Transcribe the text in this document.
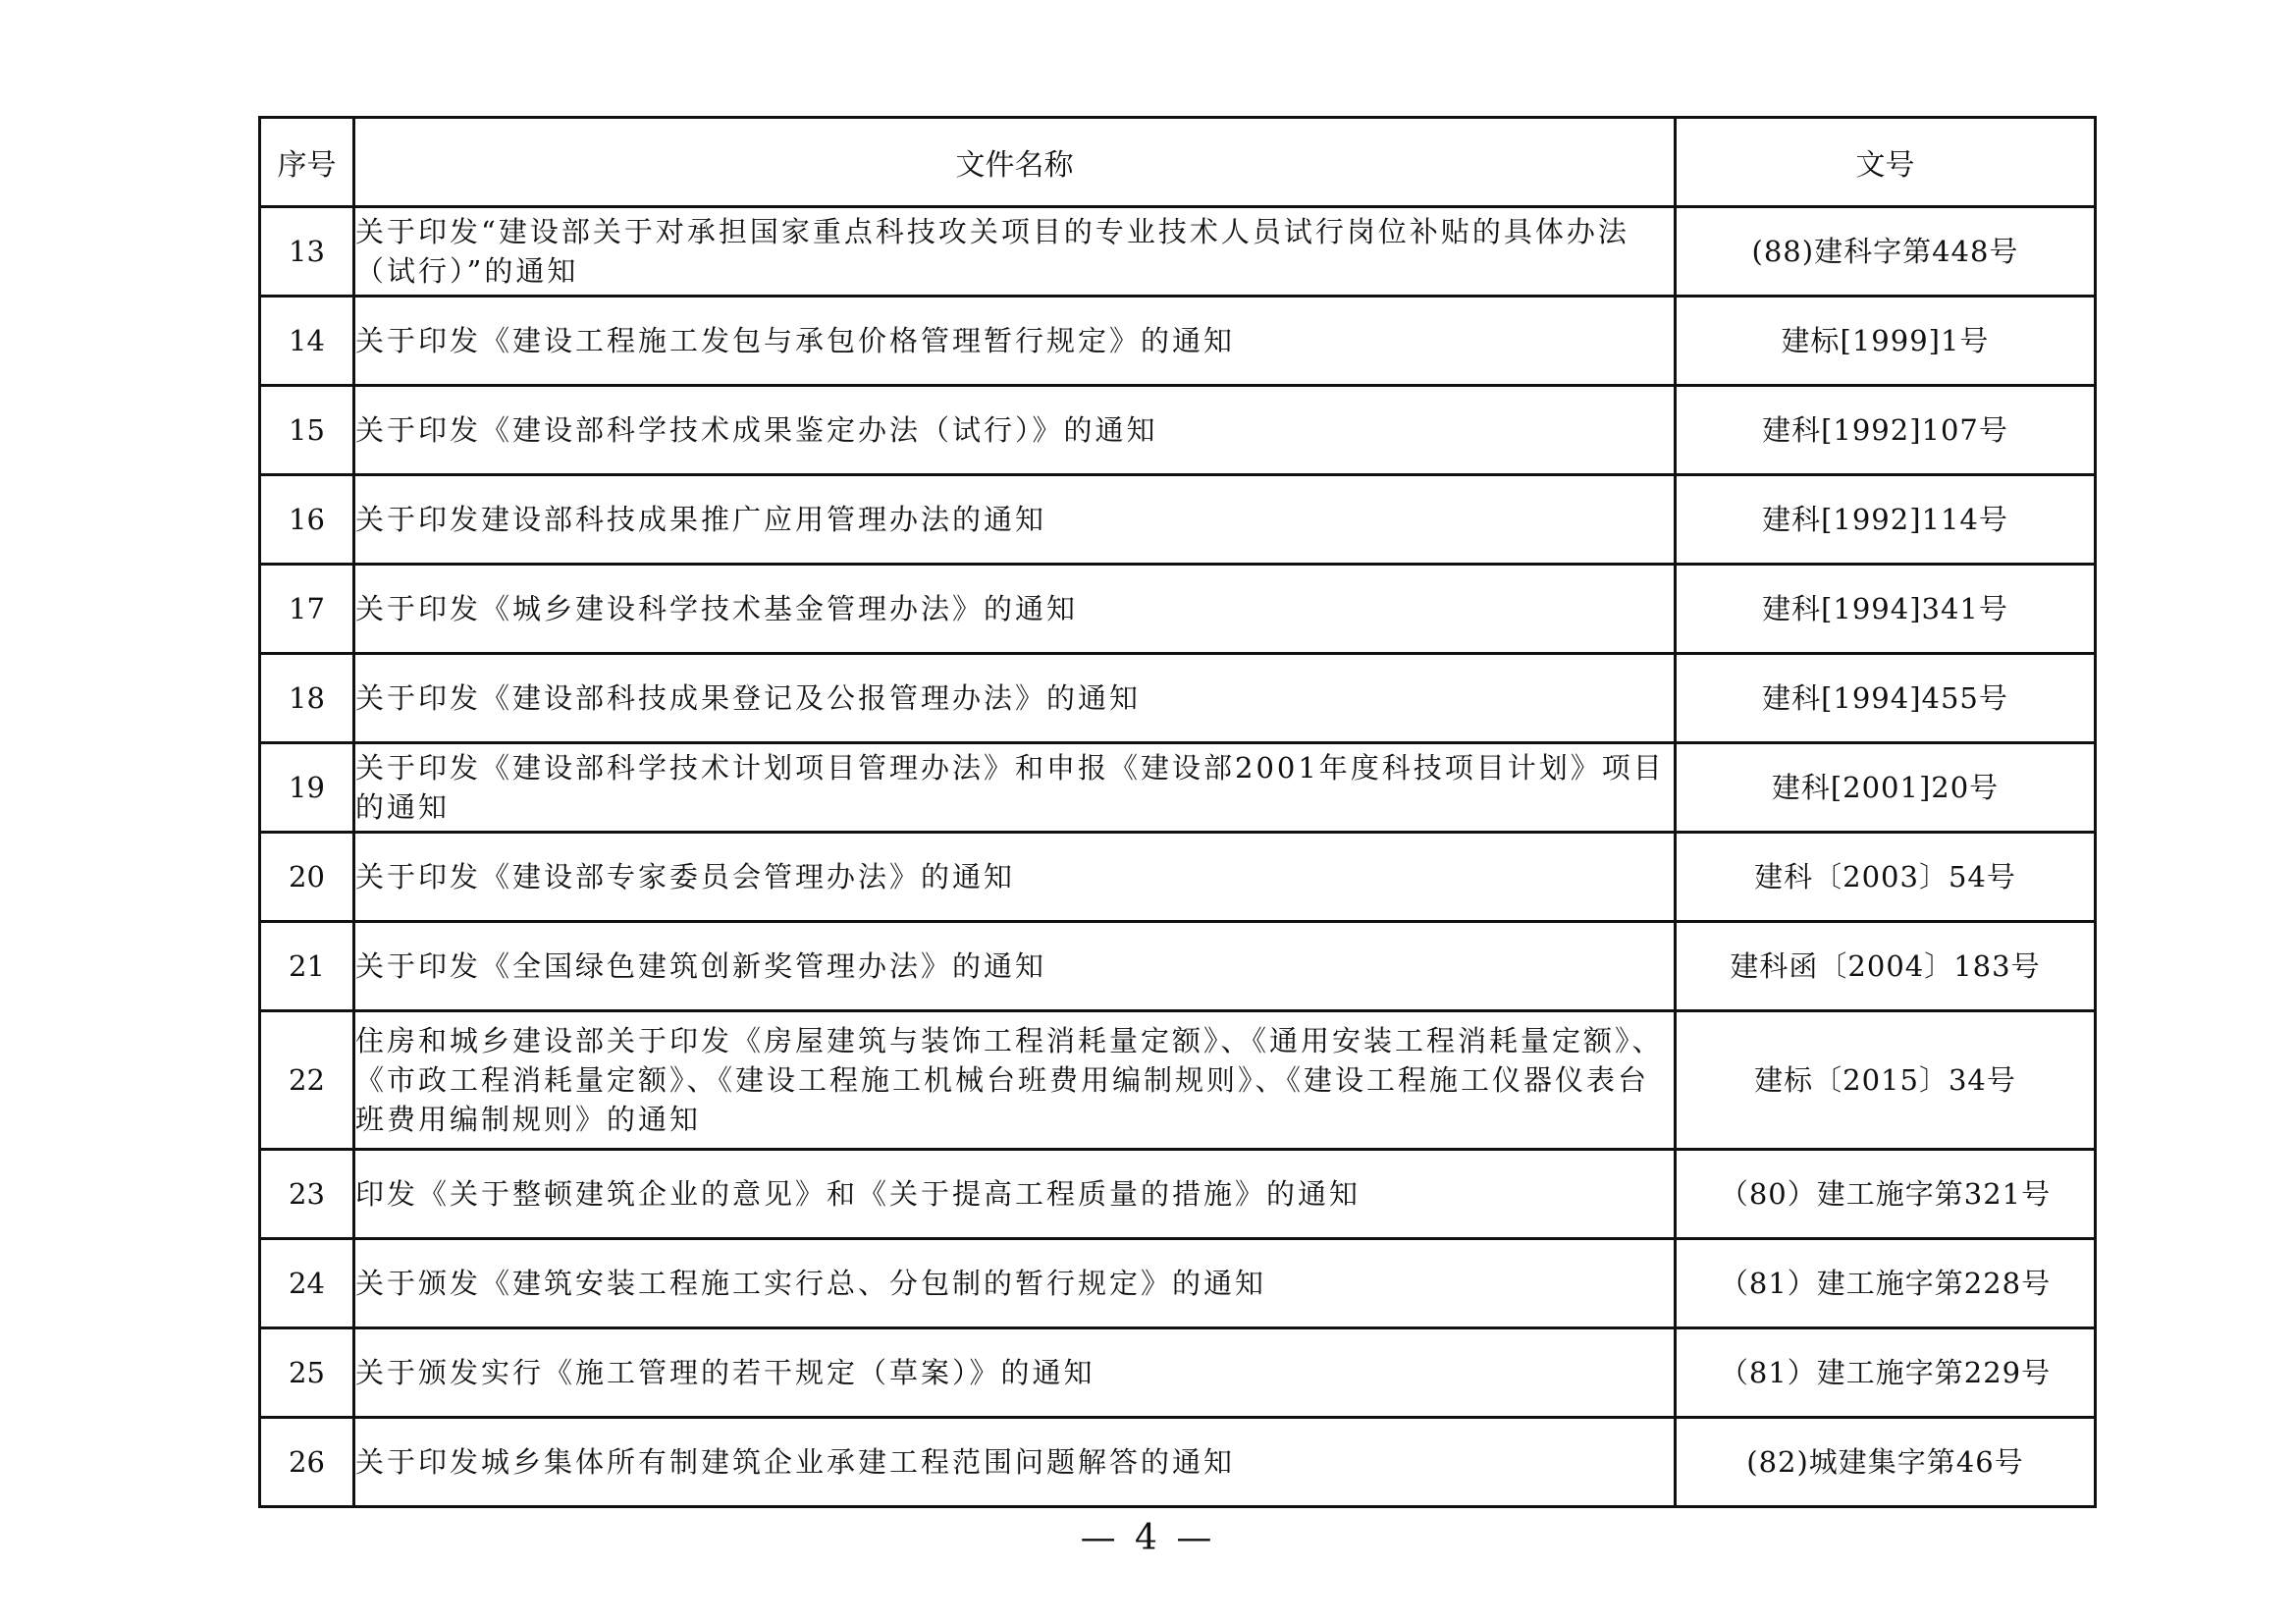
序号	文件名称	文号
13	关于印发“建设部关于对承担国家重点科技攻关项目的专业技术人员试行岗位补贴的具体办法（试行）”的通知	(88)建科字第448号
14	关于印发《建设工程施工发包与承包价格管理暂行规定》的通知	建标[1999]1号
15	关于印发《建设部科学技术成果鉴定办法（试行）》的通知	建科[1992]107号
16	关于印发建设部科技成果推广应用管理办法的通知	建科[1992]114号
17	关于印发《城乡建设科学技术基金管理办法》的通知	建科[1994]341号
18	关于印发《建设部科技成果登记及公报管理办法》的通知	建科[1994]455号
19	关于印发《建设部科学技术计划项目管理办法》和申报《建设部2001年度科技项目计划》项目的通知	建科[2001]20号
20	关于印发《建设部专家委员会管理办法》的通知	建科〔2003〕54号
21	关于印发《全国绿色建筑创新奖管理办法》的通知	建科函〔2004〕183号
22	住房和城乡建设部关于印发《房屋建筑与装饰工程消耗量定额》、《通用安装工程消耗量定额》、《市政工程消耗量定额》、《建设工程施工机械台班费用编制规则》、《建设工程施工仪器仪表台班费用编制规则》的通知	建标〔2015〕34号
23	印发《关于整顿建筑企业的意见》和《关于提高工程质量的措施》的通知	（80）建工施字第321号
24	关于颁发《建筑安装工程施工实行总、分包制的暂行规定》的通知	（81）建工施字第228号
25	关于颁发实行《施工管理的若干规定（草案）》的通知	（81）建工施字第229号
26	关于印发城乡集体所有制建筑企业承建工程范围问题解答的通知	(82)城建集字第46号
— 4 —
